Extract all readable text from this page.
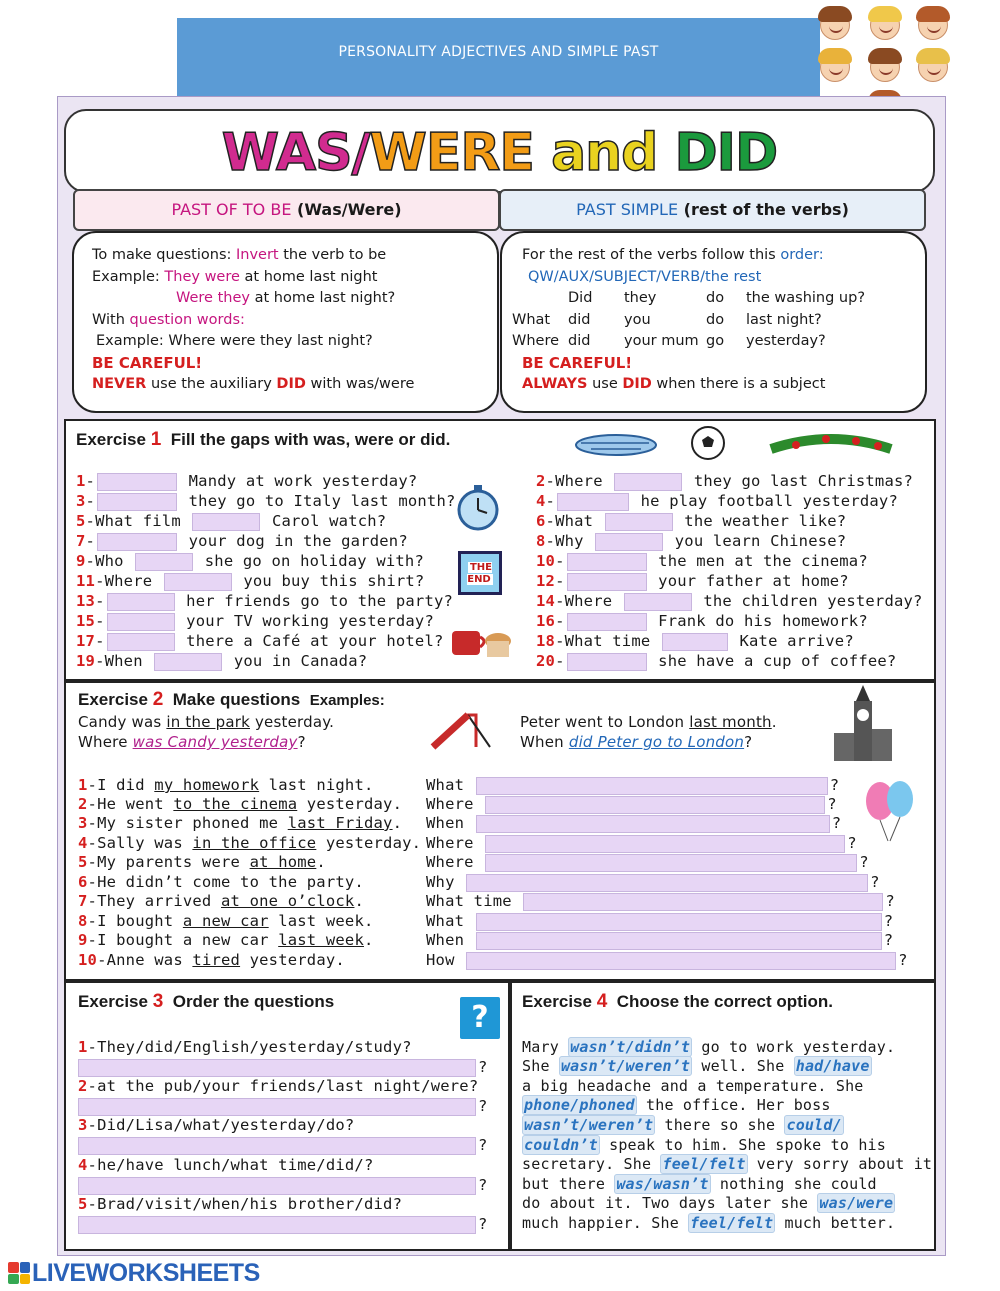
PERSONALITY ADJECTIVES AND SIMPLE PAST
WAS/WERE and DID
PAST OF TO BE (Was/Were)	PAST SIMPLE (rest of the verbs)
To make questions: Invert the verb to be
Example: They were at home last night
Were they at home last night?
With question words:
Example: Where were they last night?
BE CAREFUL!
NEVER use the auxiliary DID with was/were
For the rest of the verbs follow this order:
QW/AUX/SUBJECT/VERB/the rest
Did	they	do	the washing up?
What	did	you	do	last night?
Where did	your mum go	yesterday?
BE CAREFUL!
ALWAYS use DID when there is a subject
Exercise 1 Fill the gaps with was, were or did.
THE END
1-	Mandy at work yesterday?
3-	they go to Italy last month?
5-What film	Carol watch?
7-	your dog in the garden?
9-Who	she go on holiday with?
11-Where	you buy this shirt?
13-	her friends go to the party?
15-	your TV working yesterday?
17-	there a Café at your hotel?
19-When	you in Canada?
2-Where	they go last Christmas?
4-	he play football yesterday?
6-What	the weather like?
8-Why	you learn Chinese?
10-	the men at the cinema?
12-	your father at home?
14-Where	the children yesterday?
16-	Frank do his homework?
18-What time	Kate arrive?
20-	she have a cup of coffee?
Exercise 2 Make questions Examples:
Candy was in the park yesterday.
Where was Candy yesterday?
Peter went to London last month.
When did Peter go to London?
1-I did my homework last night.	What	?
2-He went to the cinema yesterday. Where	?
3-My sister phoned me last Friday. When	?
4-Sally was in the office yesterday. Where	?
5-My parents were at home.	Where	?
6-He didn’t come to the party.	Why	?
7-They arrived at one o’clock.	What time	?
8-I bought a new car last week.	What	?
9-I bought a new car last week.	When	?
10-Anne was tired yesterday.	How	?
Exercise 3 Order the questions	?
1-They/did/English/yesterday/study?
?
2-at the pub/your friends/last night/were?
?
3-Did/Lisa/what/yesterday/do?
?
4-he/have lunch/what time/did/?
?
5-Brad/visit/when/his brother/did?
?
Exercise 4 Choose the correct option.
Mary wasn’t/didn’t go to work yesterday.
She wasn’t/weren’t well. She had/have
a big headache and a temperature. She
phone/phoned the office. Her boss
wasn’t/weren’t there so she could/
couldn’t speak to him. She spoke to his
secretary. She feel/felt very sorry about it
but there was/wasn’t nothing she could
do about it. Two days later she was/were
much happier. She feel/felt much better.
LIVEWORKSHEETS
